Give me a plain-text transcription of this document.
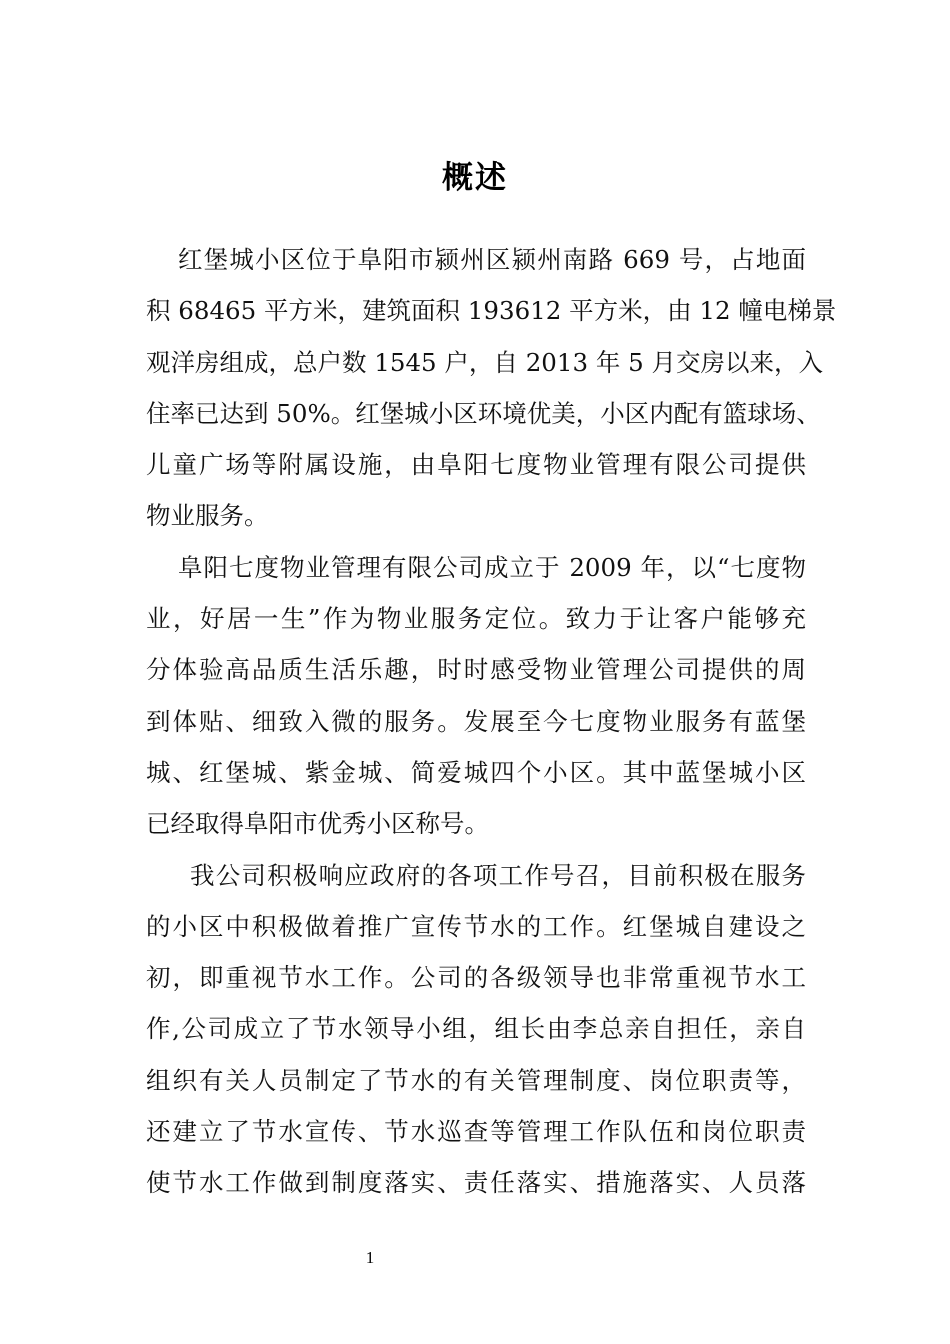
概述
红堡城小区位于阜阳市颍州区颍州南路 669 号，占地面
积 68465 平方米，建筑面积 193612 平方米，由 12 幢电梯景
观洋房组成，总户数 1545 户，自 2013 年 5 月交房以来，入
住率已达到 50%。红堡城小区环境优美，小区内配有篮球场、
儿童广场等附属设施，由阜阳七度物业管理有限公司提供
物业服务。
阜阳七度物业管理有限公司成立于 2009 年，以“七度物
业，好居一生”作为物业服务定位。致力于让客户能够充
分体验高品质生活乐趣，时时感受物业管理公司提供的周
到体贴、细致入微的服务。发展至今七度物业服务有蓝堡
城、红堡城、紫金城、简爱城四个小区。其中蓝堡城小区
已经取得阜阳市优秀小区称号。
我公司积极响应政府的各项工作号召，目前积极在服务
的小区中积极做着推广宣传节水的工作。红堡城自建设之
初，即重视节水工作。公司的各级领导也非常重视节水工
作,公司成立了节水领导小组，组长由李总亲自担任，亲自
组织有关人员制定了节水的有关管理制度、岗位职责等，
还建立了节水宣传、节水巡查等管理工作队伍和岗位职责
使节水工作做到制度落实、责任落实、措施落实、人员落
1
